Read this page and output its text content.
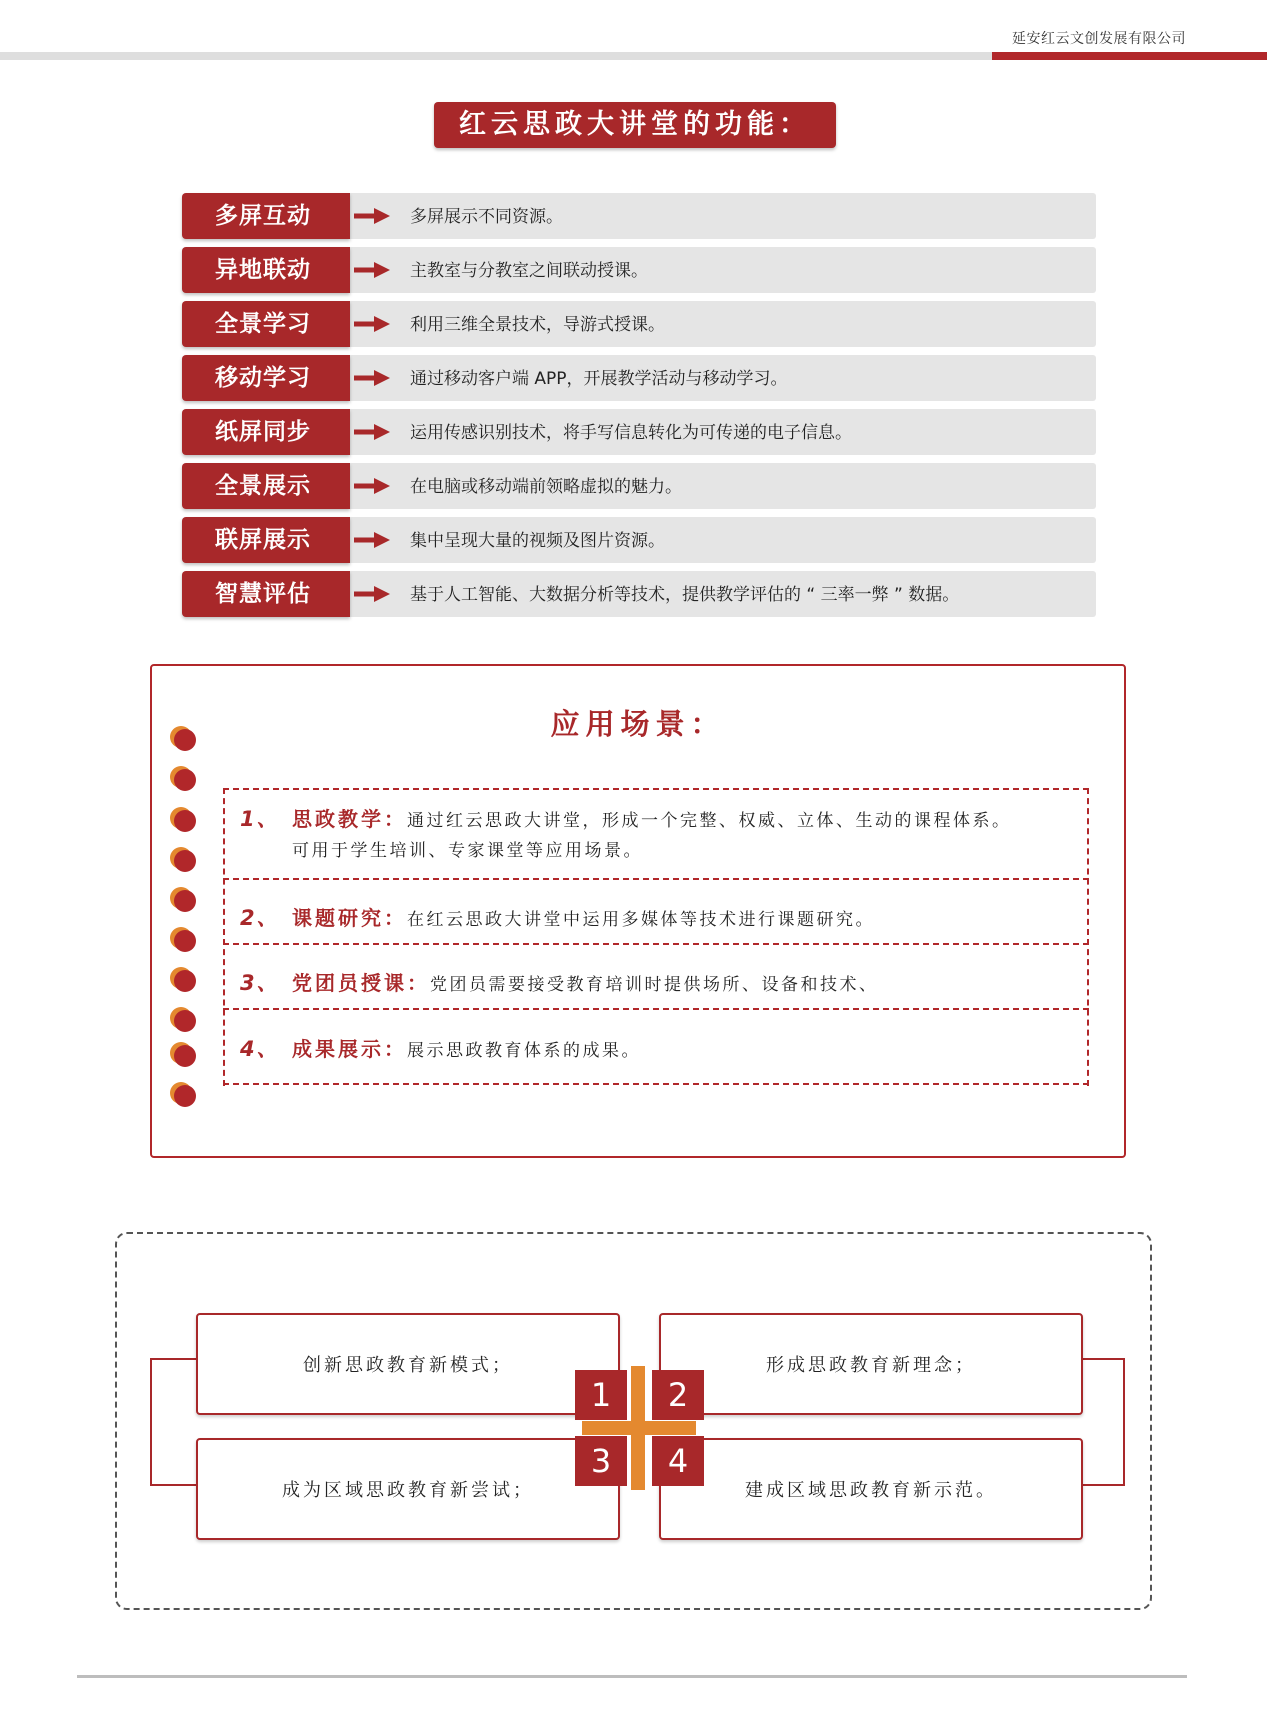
延安红云文创发展有限公司
红云思政大讲堂的功能：
多屏互动	多屏展示不同资源。
异地联动	主教室与分教室之间联动授课。
全景学习	利用三维全景技术，导游式授课。
移动学习	通过移动客户端 APP，开展教学活动与移动学习。
纸屏同步	运用传感识别技术，将手写信息转化为可传递的电子信息。
全景展示	在电脑或移动端前领略虚拟的魅力。
联屏展示	集中呈现大量的视频及图片资源。
智慧评估	基于人工智能、大数据分析等技术，提供教学评估的 “ 三率一弊 ” 数据。
应用场景：
1、 思政教学：通过红云思政大讲堂，形成一个完整、权威、立体、生动的课程体系。
可用于学生培训、专家课堂等应用场景。
2、 课题研究：在红云思政大讲堂中运用多媒体等技术进行课题研究。
3、 党团员授课：党团员需要接受教育培训时提供场所、设备和技术、
4、 成果展示：展示思政教育体系的成果。
创新思政教育新模式；	形成思政教育新理念；
成为区域思政教育新尝试；	建成区域思政教育新示范。
1	2
3	4
